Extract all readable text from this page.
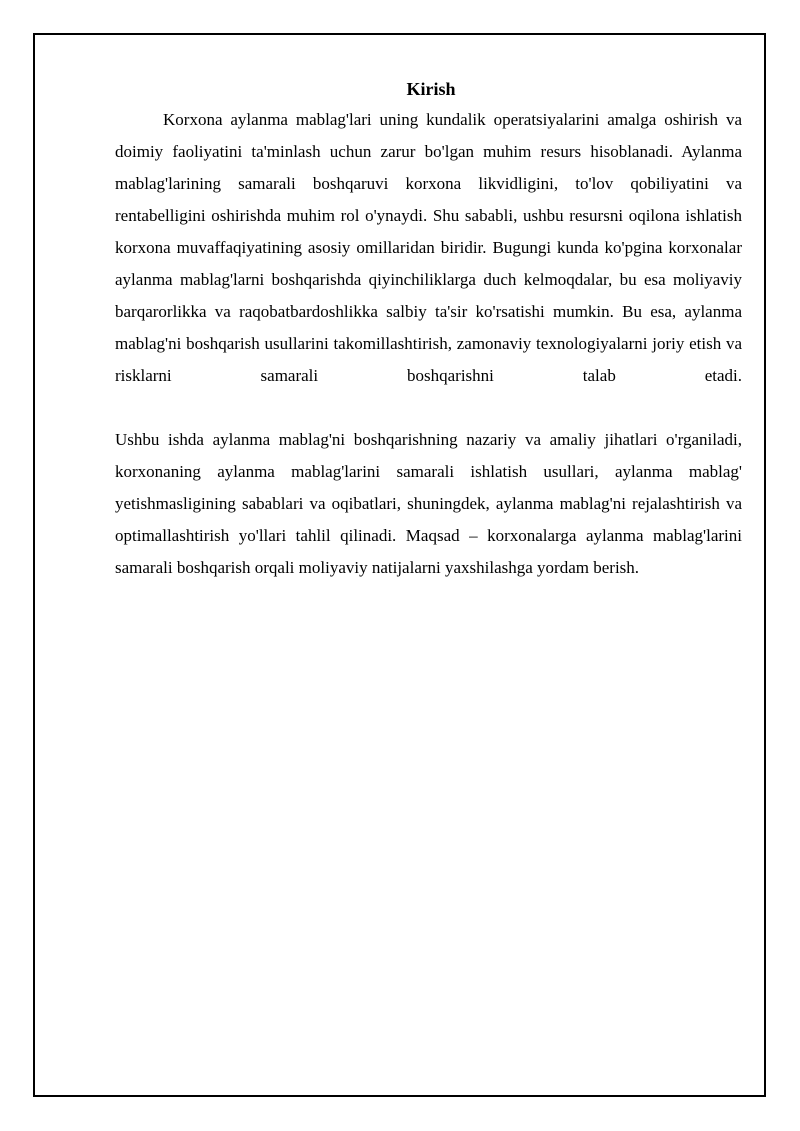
Kirish

Korxona aylanma mablag'lari uning kundalik operatsiyalarini amalga oshirish va doimiy faoliyatini ta'minlash uchun zarur bo'lgan muhim resurs hisoblanadi. Aylanma mablag'larining samarali boshqaruvi korxona likvidligini, to'lov qobiliyatini va rentabelligini oshirishda muhim rol o'ynaydi. Shu sababli, ushbu resursni oqilona ishlatish korxona muvaffaqiyatining asosiy omillaridan biridir. Bugungi kunda ko'pgina korxonalar aylanma mablag'larni boshqarishda qiyinchiliklarga duch kelmoqdalar, bu esa moliyaviy barqarorlikka va raqobatbardoshlikka salbiy ta'sir ko'rsatishi mumkin. Bu esa, aylanma mablag'ni boshqarish usullarini takomillashtirish, zamonaviy texnologiyalarni joriy etish va risklarni samarali boshqarishni talab etadi.

Ushbu ishda aylanma mablag'ni boshqarishning nazariy va amaliy jihatlari o'rganiladi, korxonaning aylanma mablag'larini samarali ishlatish usullari, aylanma mablag' yetishmasligining sabablari va oqibatlari, shuningdek, aylanma mablag'ni rejalashtirish va optimallashtirish yo'llari tahlil qilinadi. Maqsad – korxonalarga aylanma mablag'larini samarali boshqarish orqali moliyaviy natijalarni yaxshilashga yordam berish.
